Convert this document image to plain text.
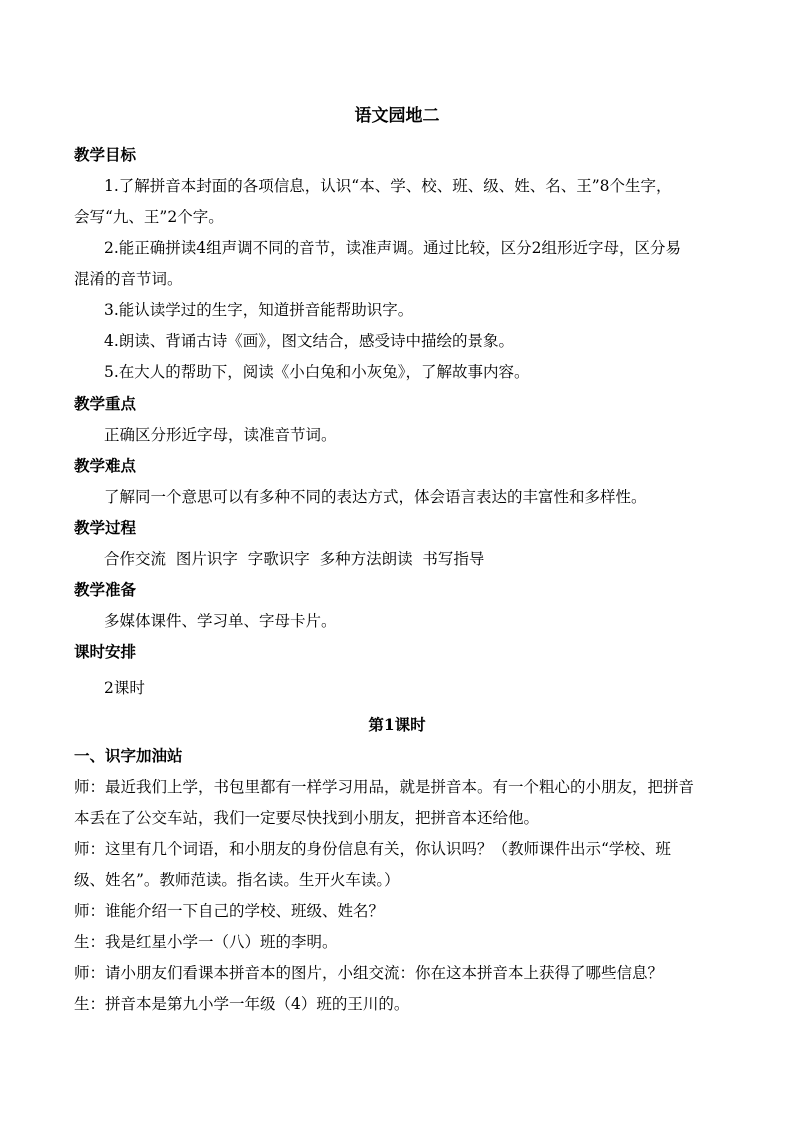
语文园地二
教学目标
1.了解拼音本封面的各项信息，认识“本、学、校、班、级、姓、名、王”8个生字，
会写“九、王”2个字。
2.能正确拼读4组声调不同的音节，读准声调。通过比较，区分2组形近字母，区分易
混淆的音节词。
3.能认读学过的生字，知道拼音能帮助识字。
4.朗读、背诵古诗《画》，图文结合，感受诗中描绘的景象。
5.在大人的帮助下，阅读《小白兔和小灰兔》，了解故事内容。
教学重点
正确区分形近字母，读准音节词。
教学难点
了解同一个意思可以有多种不同的表达方式，体会语言表达的丰富性和多样性。
教学过程
合作交流  图片识字  字歌识字  多种方法朗读  书写指导
教学准备
多媒体课件、学习单、字母卡片。
课时安排
2课时
第1课时
一、识字加油站
师：最近我们上学，书包里都有一样学习用品，就是拼音本。有一个粗心的小朋友，把拼音
本丢在了公交车站，我们一定要尽快找到小朋友，把拼音本还给他。
师：这里有几个词语，和小朋友的身份信息有关，你认识吗？（教师课件出示“学校、班
级、姓名”。教师范读。指名读。生开火车读。）
师：谁能介绍一下自己的学校、班级、姓名？
生：我是红星小学一（八）班的李明。
师：请小朋友们看课本拼音本的图片，小组交流：你在这本拼音本上获得了哪些信息？
生：拼音本是第九小学一年级（4）班的王川的。
